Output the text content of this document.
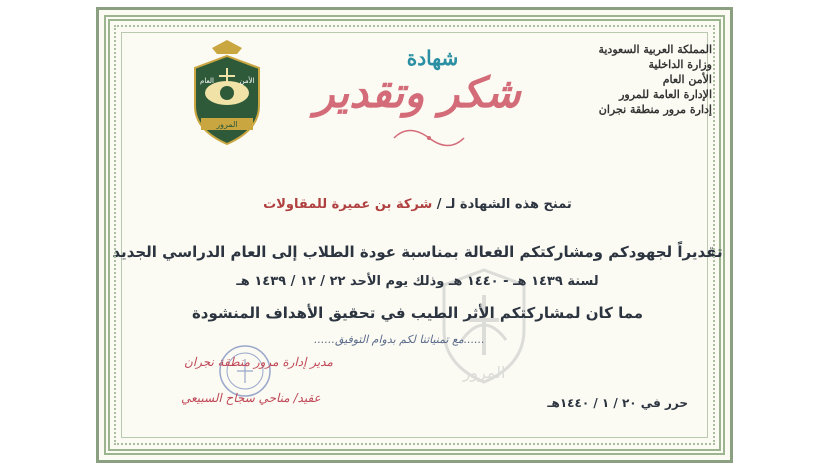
المرور
المملكة العربية السعودية
وزارة الداخلية
الأمن العام
الإدارة العامة للمرور
إدارة مرور منطقة نجران
الأمن
العام
المرور
شهادة
شكر وتقدير
تمنح هذه الشهادة لـ / شركة بن عميرة للمقاولات
تقديراً لجهودكم ومشاركتكم الفعالة بمناسبة عودة الطلاب إلى العام الدراسي الجديد
لسنة ١٤٣٩ هـ - ١٤٤٠ هـ وذلك يوم الأحد ٢٢ / ١٢ / ١٤٣٩ هـ
مما كان لمشاركتكم الأثر الطيب في تحقيق الأهداف المنشودة
......مع تمنياتنا لكم بدوام التوفيق......
مدير إدارة مرور منطقة نجران
عقيد/ مناحي سجاح السبيعي	حرر في ٢٠ / ١ / ١٤٤٠هـ
